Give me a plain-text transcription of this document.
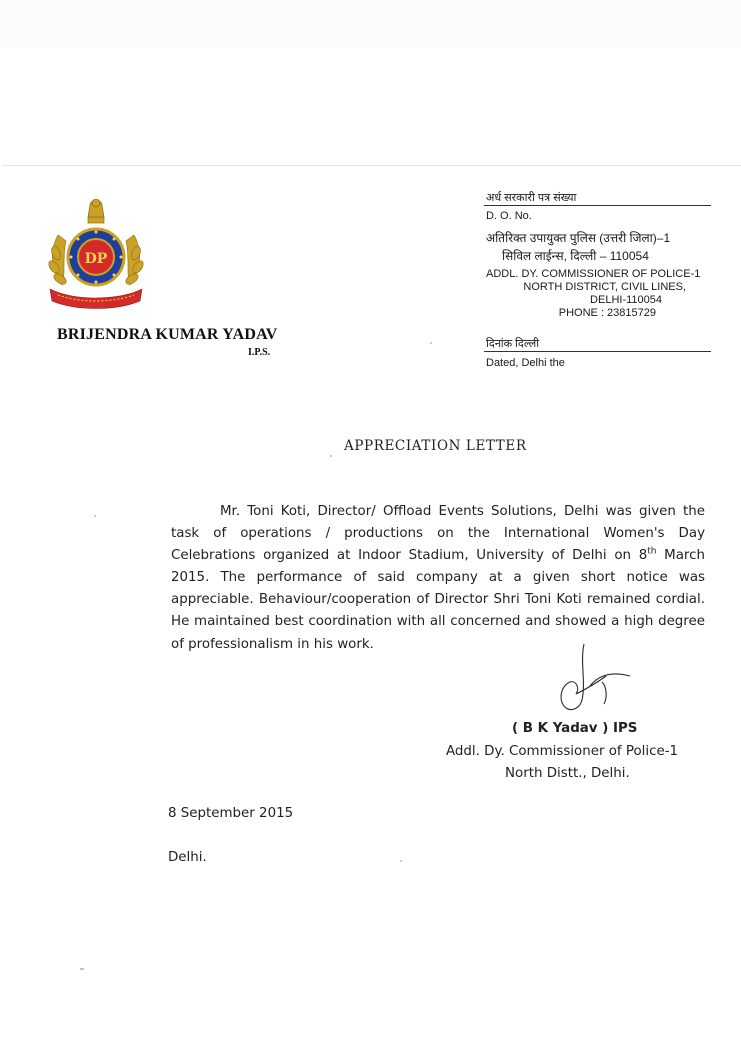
DP
BRIJENDRA KUMAR YADAV
I.P.S.
अर्ध सरकारी पत्र संख्या
D. O. No.
अतिरिक्त उपायुक्त पुलिस (उत्तरी जिला)–1
सिविल लाईन्स, दिल्ली – 110054
ADDL. DY. COMMISSIONER OF POLICE-1
NORTH DISTRICT, CIVIL LINES,
DELHI-110054
PHONE : 23815729
दिनांक दिल्ली
Dated, Delhi the
APPRECIATION LETTER

Mr. Toni Koti, Director/ Offload Events Solutions, Delhi was given the task of operations / productions on the International Women's Day Celebrations organized at Indoor Stadium, University of Delhi on 8th March 2015. The performance of said company at a given short notice was appreciable. Behaviour/cooperation of Director Shri Toni Koti remained cordial. He maintained best coordination with all concerned and showed a high degree of professionalism in his work.

( B K Yadav ) IPS
Addl. Dy. Commissioner of Police-1
North Distt., Delhi.
8 September 2015
Delhi.
